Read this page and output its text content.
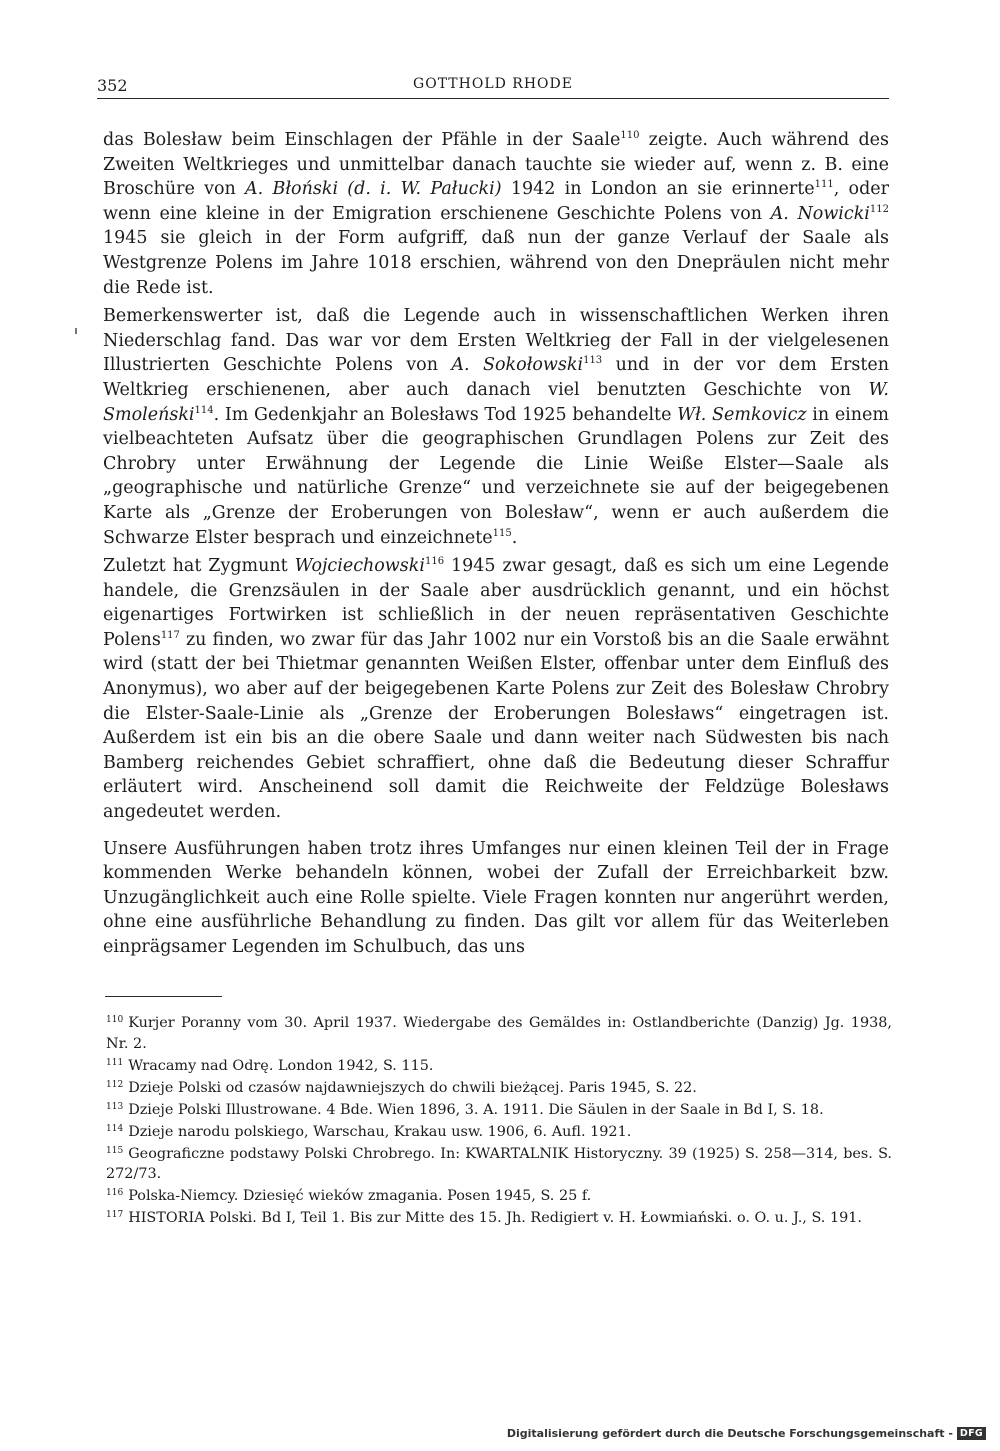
352	GOTTHOLD RHODE

das Bolesław beim Einschlagen der Pfähle in der Saale$^{110}$ zeigte. Auch während des Zweiten Weltkrieges und unmittelbar danach tauchte sie wieder auf, wenn z. B. eine Broschüre von A. Błoński (d. i. W. Pałucki) 1942 in London an sie erinnerte$^{111}$, oder wenn eine kleine in der Emigration erschienene Geschichte Polens von A. Nowicki$^{112}$ 1945 sie gleich in der Form aufgriff, daß nun der ganze Verlauf der Saale als Westgrenze Polens im Jahre 1018 erschien, während von den Dnepräulen nicht mehr die Rede ist.

Bemerkenswerter ist, daß die Legende auch in wissenschaftlichen Werken ihren Niederschlag fand. Das war vor dem Ersten Weltkrieg der Fall in der vielgelesenen Illustrierten Geschichte Polens von A. Sokołowski$^{113}$ und in der vor dem Ersten Weltkrieg erschienenen, aber auch danach viel benutzten Geschichte von W. Smoleński$^{114}$. Im Gedenkjahr an Bolesławs Tod 1925 behandelte Wł. Semkovicz in einem vielbeachteten Aufsatz über die geographischen Grundlagen Polens zur Zeit des Chrobry unter Erwähnung der Legende die Linie Weiße Elster—Saale als „geographische und natürliche Grenze“ und verzeichnete sie auf der beigegebenen Karte als „Grenze der Eroberungen von Bolesław“, wenn er auch außerdem die Schwarze Elster besprach und einzeichnete$^{115}$.

Zuletzt hat Zygmunt Wojciechowski$^{116}$ 1945 zwar gesagt, daß es sich um eine Legende handele, die Grenzsäulen in der Saale aber ausdrücklich genannt, und ein höchst eigenartiges Fortwirken ist schließlich in der neuen repräsentativen Geschichte Polens$^{117}$ zu finden, wo zwar für das Jahr 1002 nur ein Vorstoß bis an die Saale erwähnt wird (statt der bei Thietmar genannten Weißen Elster, offenbar unter dem Einfluß des Anonymus), wo aber auf der beigegebenen Karte Polens zur Zeit des Bolesław Chrobry die Elster-Saale-Linie als „Grenze der Eroberungen Bolesławs“ eingetragen ist. Außerdem ist ein bis an die obere Saale und dann weiter nach Südwesten bis nach Bamberg reichendes Gebiet schraffiert, ohne daß die Bedeutung dieser Schraffur erläutert wird. Anscheinend soll damit die Reichweite der Feldzüge Bolesławs angedeutet werden.

Unsere Ausführungen haben trotz ihres Umfanges nur einen kleinen Teil der in Frage kommenden Werke behandeln können, wobei der Zufall der Erreichbarkeit bzw. Unzugänglichkeit auch eine Rolle spielte. Viele Fragen konnten nur angerührt werden, ohne eine ausführliche Behandlung zu finden. Das gilt vor allem für das Weiterleben einprägsamer Legenden im Schulbuch, das uns

$^{110}$ Kurjer Poranny vom 30. April 1937. Wiedergabe des Gemäldes in: Ostlandberichte (Danzig) Jg. 1938, Nr. 2.

$^{111}$ Wracamy nad Odrę. London 1942, S. 115.

$^{112}$ Dzieje Polski od czasów najdawniejszych do chwili bieżącej. Paris 1945, S. 22.

$^{113}$ Dzieje Polski Illustrowane. 4 Bde. Wien 1896, 3. A. 1911. Die Säulen in der Saale in Bd I, S. 18.

$^{114}$ Dzieje narodu polskiego, Warschau, Krakau usw. 1906, 6. Aufl. 1921.

$^{115}$ Geograficzne podstawy Polski Chrobrego. In: KWARTALNIK Historyczny. 39 (1925) S. 258—314, bes. S. 272/73.

$^{116}$ Polska-Niemcy. Dziesięć wieków zmagania. Posen 1945, S. 25 f.

$^{117}$ HISTORIA Polski. Bd I, Teil 1. Bis zur Mitte des 15. Jh. Redigiert v. H. Łowmiański. o. O. u. J., S. 191.

Digitalisierung gefördert durch die Deutsche Forschungsgemeinschaft - DFG
